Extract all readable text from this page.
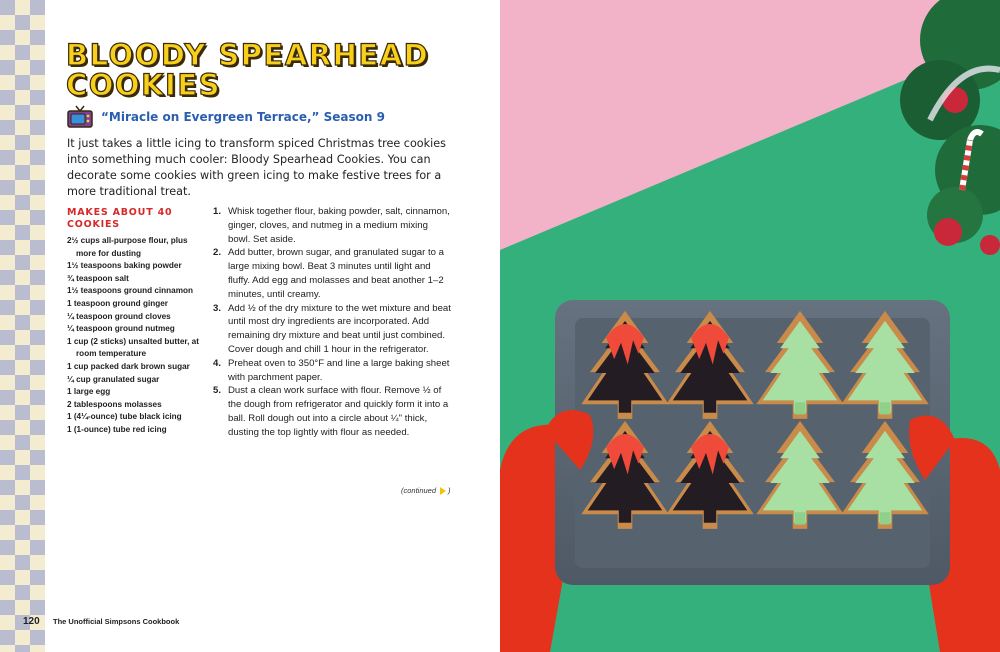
BLOODY SPEARHEAD COOKIES
“Miracle on Evergreen Terrace,” Season 9
It just takes a little icing to transform spiced Christmas tree cookies into something much cooler: Bloody Spearhead Cookies. You can decorate some cookies with green icing to make festive trees for a more traditional treat.
MAKES ABOUT 40 COOKIES
2½ cups all-purpose flour, plus more for dusting
1½ teaspoons baking powder
¾ teaspoon salt
1½ teaspoons ground cinnamon
1 teaspoon ground ginger
¼ teaspoon ground cloves
¼ teaspoon ground nutmeg
1 cup (2 sticks) unsalted butter, at room temperature
1 cup packed dark brown sugar
¼ cup granulated sugar
1 large egg
2 tablespoons molasses
1 (4¼-ounce) tube black icing
1 (1-ounce) tube red icing
1. Whisk together flour, baking powder, salt, cinnamon, ginger, cloves, and nutmeg in a medium mixing bowl. Set aside.
2. Add butter, brown sugar, and granulated sugar to a large mixing bowl. Beat 3 minutes until light and fluffy. Add egg and molasses and beat another 1–2 minutes, until creamy.
3. Add ½ of the dry mixture to the wet mixture and beat until most dry ingredients are incorporated. Add remaining dry mixture and beat until just combined. Cover dough and chill 1 hour in the refrigerator.
4. Preheat oven to 350°F and line a large baking sheet with parchment paper.
5. Dust a clean work surface with flour. Remove ½ of the dough from refrigerator and quickly form it into a ball. Roll dough out into a circle about ¼" thick, dusting the top lightly with flour as needed.
(continued )
120	The Unofficial Simpsons Cookbook
